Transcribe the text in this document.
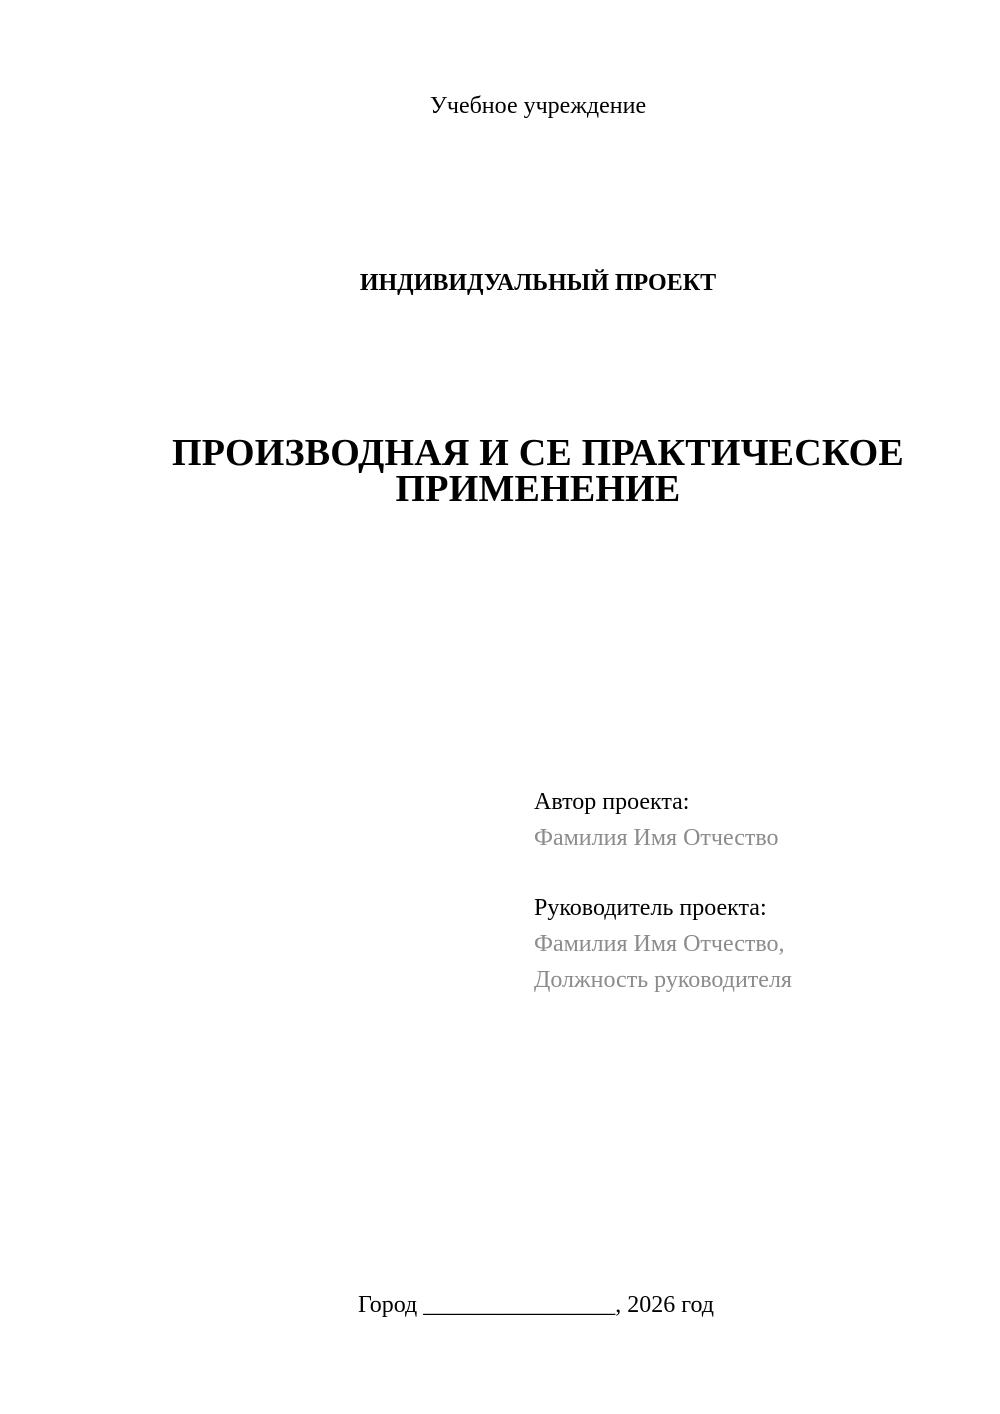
Учебное учреждение

ИНДИВИДУАЛЬНЫЙ ПРОЕКТ

ПРОИЗВОДНАЯ И СЕ ПРАКТИЧЕСКОЕ
ПРИМЕНЕНИЕ
Автор проекта:
Фамилия Имя Отчество
Руководитель проекта:
Фамилия Имя Отчество,
Должность руководителя

Город ________________, 2026 год
